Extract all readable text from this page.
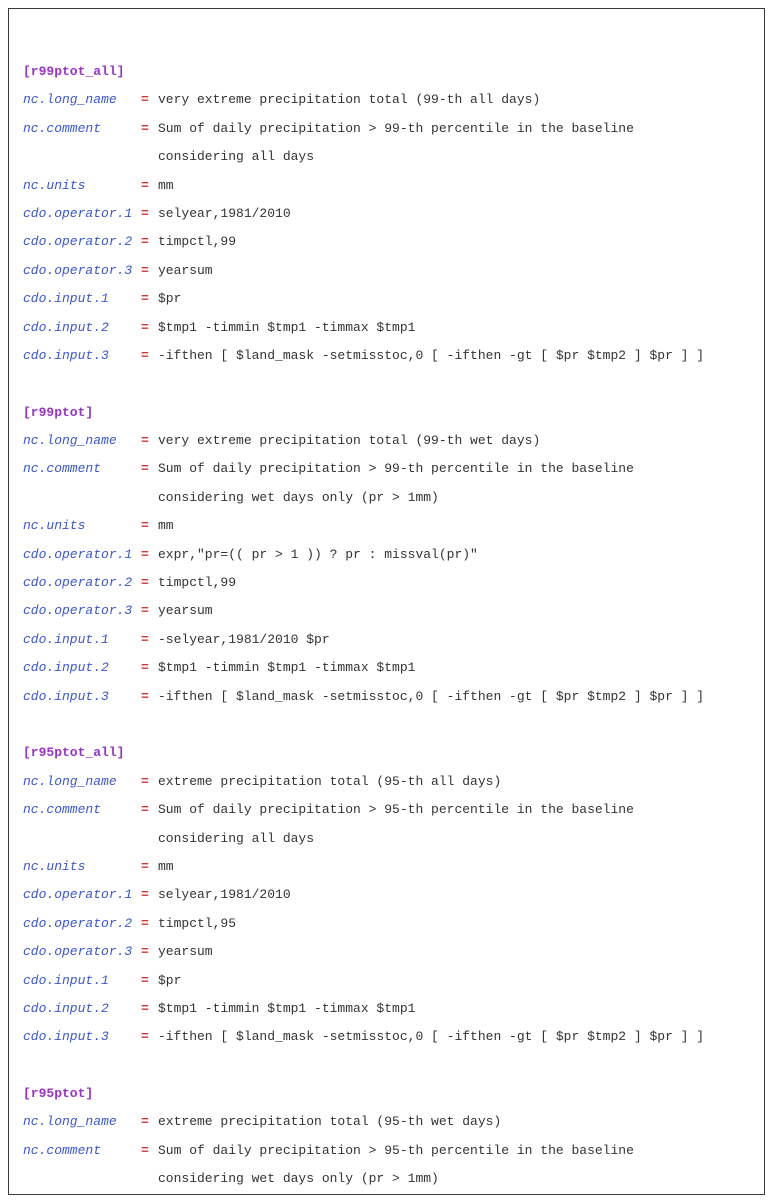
[r99ptot_all]
nc.long_name = very extreme precipitation total (99-th all days)
nc.comment	= Sum of daily precipitation > 99-th percentile in the baseline
considering all days
nc.units	= mm
cdo.operator.1 = selyear,1981/2010
cdo.operator.2 = timpctl,99
cdo.operator.3 = yearsum
cdo.input.1 = $pr
cdo.input.2 = $tmp1 -timmin $tmp1 -timmax $tmp1
cdo.input.3 = -ifthen [ $land_mask -setmisstoc,0 [ -ifthen -gt [ $pr $tmp2 ] $pr ] ]
[r99ptot]
nc.long_name = very extreme precipitation total (99-th wet days)
nc.comment	= Sum of daily precipitation > 99-th percentile in the baseline
considering wet days only (pr > 1mm)
nc.units	= mm
cdo.operator.1 = expr,"pr=(( pr > 1 )) ? pr : missval(pr)"
cdo.operator.2 = timpctl,99
cdo.operator.3 = yearsum
cdo.input.1 = -selyear,1981/2010 $pr
cdo.input.2 = $tmp1 -timmin $tmp1 -timmax $tmp1
cdo.input.3 = -ifthen [ $land_mask -setmisstoc,0 [ -ifthen -gt [ $pr $tmp2 ] $pr ] ]
[r95ptot_all]
nc.long_name = extreme precipitation total (95-th all days)
nc.comment	= Sum of daily precipitation > 95-th percentile in the baseline
considering all days
nc.units	= mm
cdo.operator.1 = selyear,1981/2010
cdo.operator.2 = timpctl,95
cdo.operator.3 = yearsum
cdo.input.1 = $pr
cdo.input.2 = $tmp1 -timmin $tmp1 -timmax $tmp1
cdo.input.3 = -ifthen [ $land_mask -setmisstoc,0 [ -ifthen -gt [ $pr $tmp2 ] $pr ] ]
[r95ptot]
nc.long_name = extreme precipitation total (95-th wet days)
nc.comment	= Sum of daily precipitation > 95-th percentile in the baseline
considering wet days only (pr > 1mm)
